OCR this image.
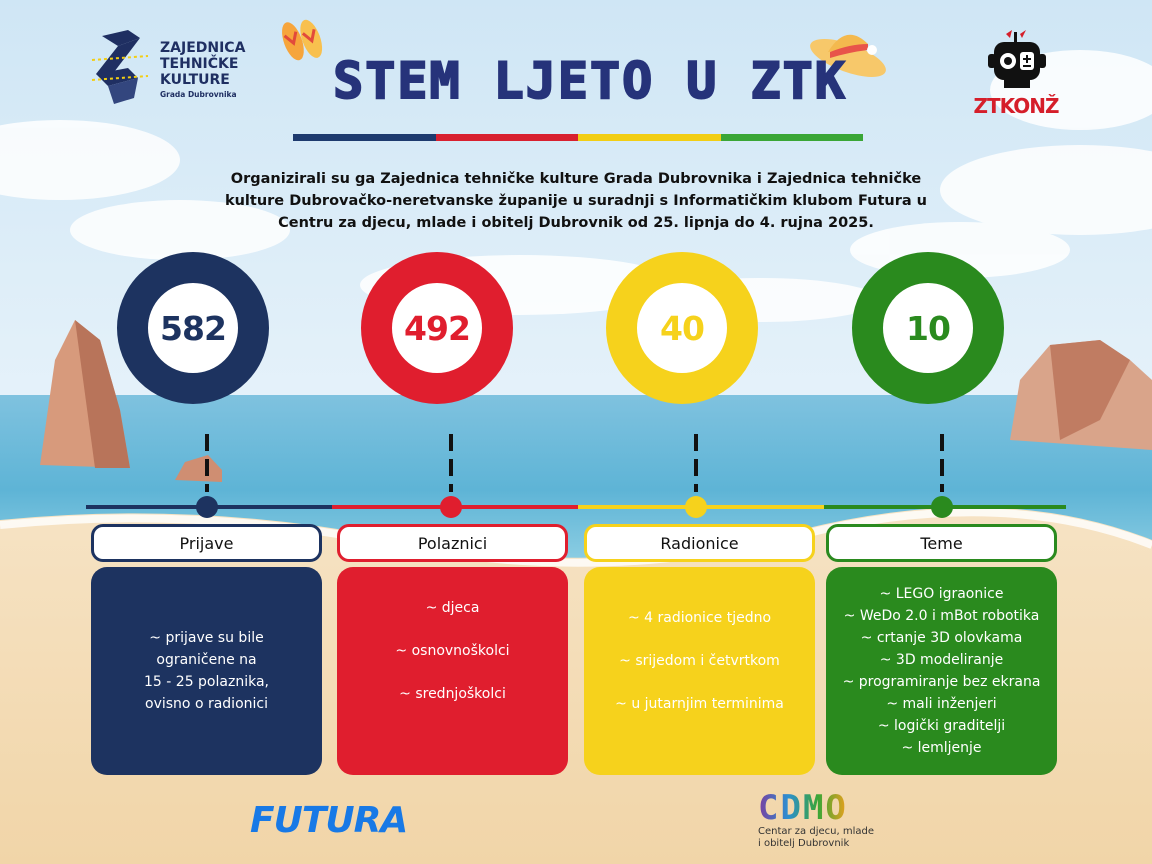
ZAJEDNICA
TEHNIČKE
KULTURE
Grada Dubrovnika	STEM LJETO U ZTK	ZTKONŽ
Organizirali su ga Zajednica tehničke kulture Grada Dubrovnika i Zajednica tehničke
kulture Dubrovačko-neretvanske županije u suradnji s Informatičkim klubom Futura u
Centru za djecu, mlade i obitelj Dubrovnik od 25. lipnja do 4. rujna 2025.
582	492	40	10
Prijave	Polaznici	Radionice	Teme
~ prijave su bile
ograničene na
15 - 25 polaznika,
ovisno o radionici
~ djeca
~ osnovnoškolci
~ srednjoškolci
~ 4 radionice tjedno
~ srijedom i četvrtkom
~ u jutarnjim terminima
~ LEGO igraonice
~ WeDo 2.0 i mBot robotika
~ crtanje 3D olovkama
~ 3D modeliranje
~ programiranje bez ekrana
~ mali inženjeri
~ logički graditelji
~ lemljenje
FUTURA	CDMO
Centar za djecu, mlade
i obitelj Dubrovnik
